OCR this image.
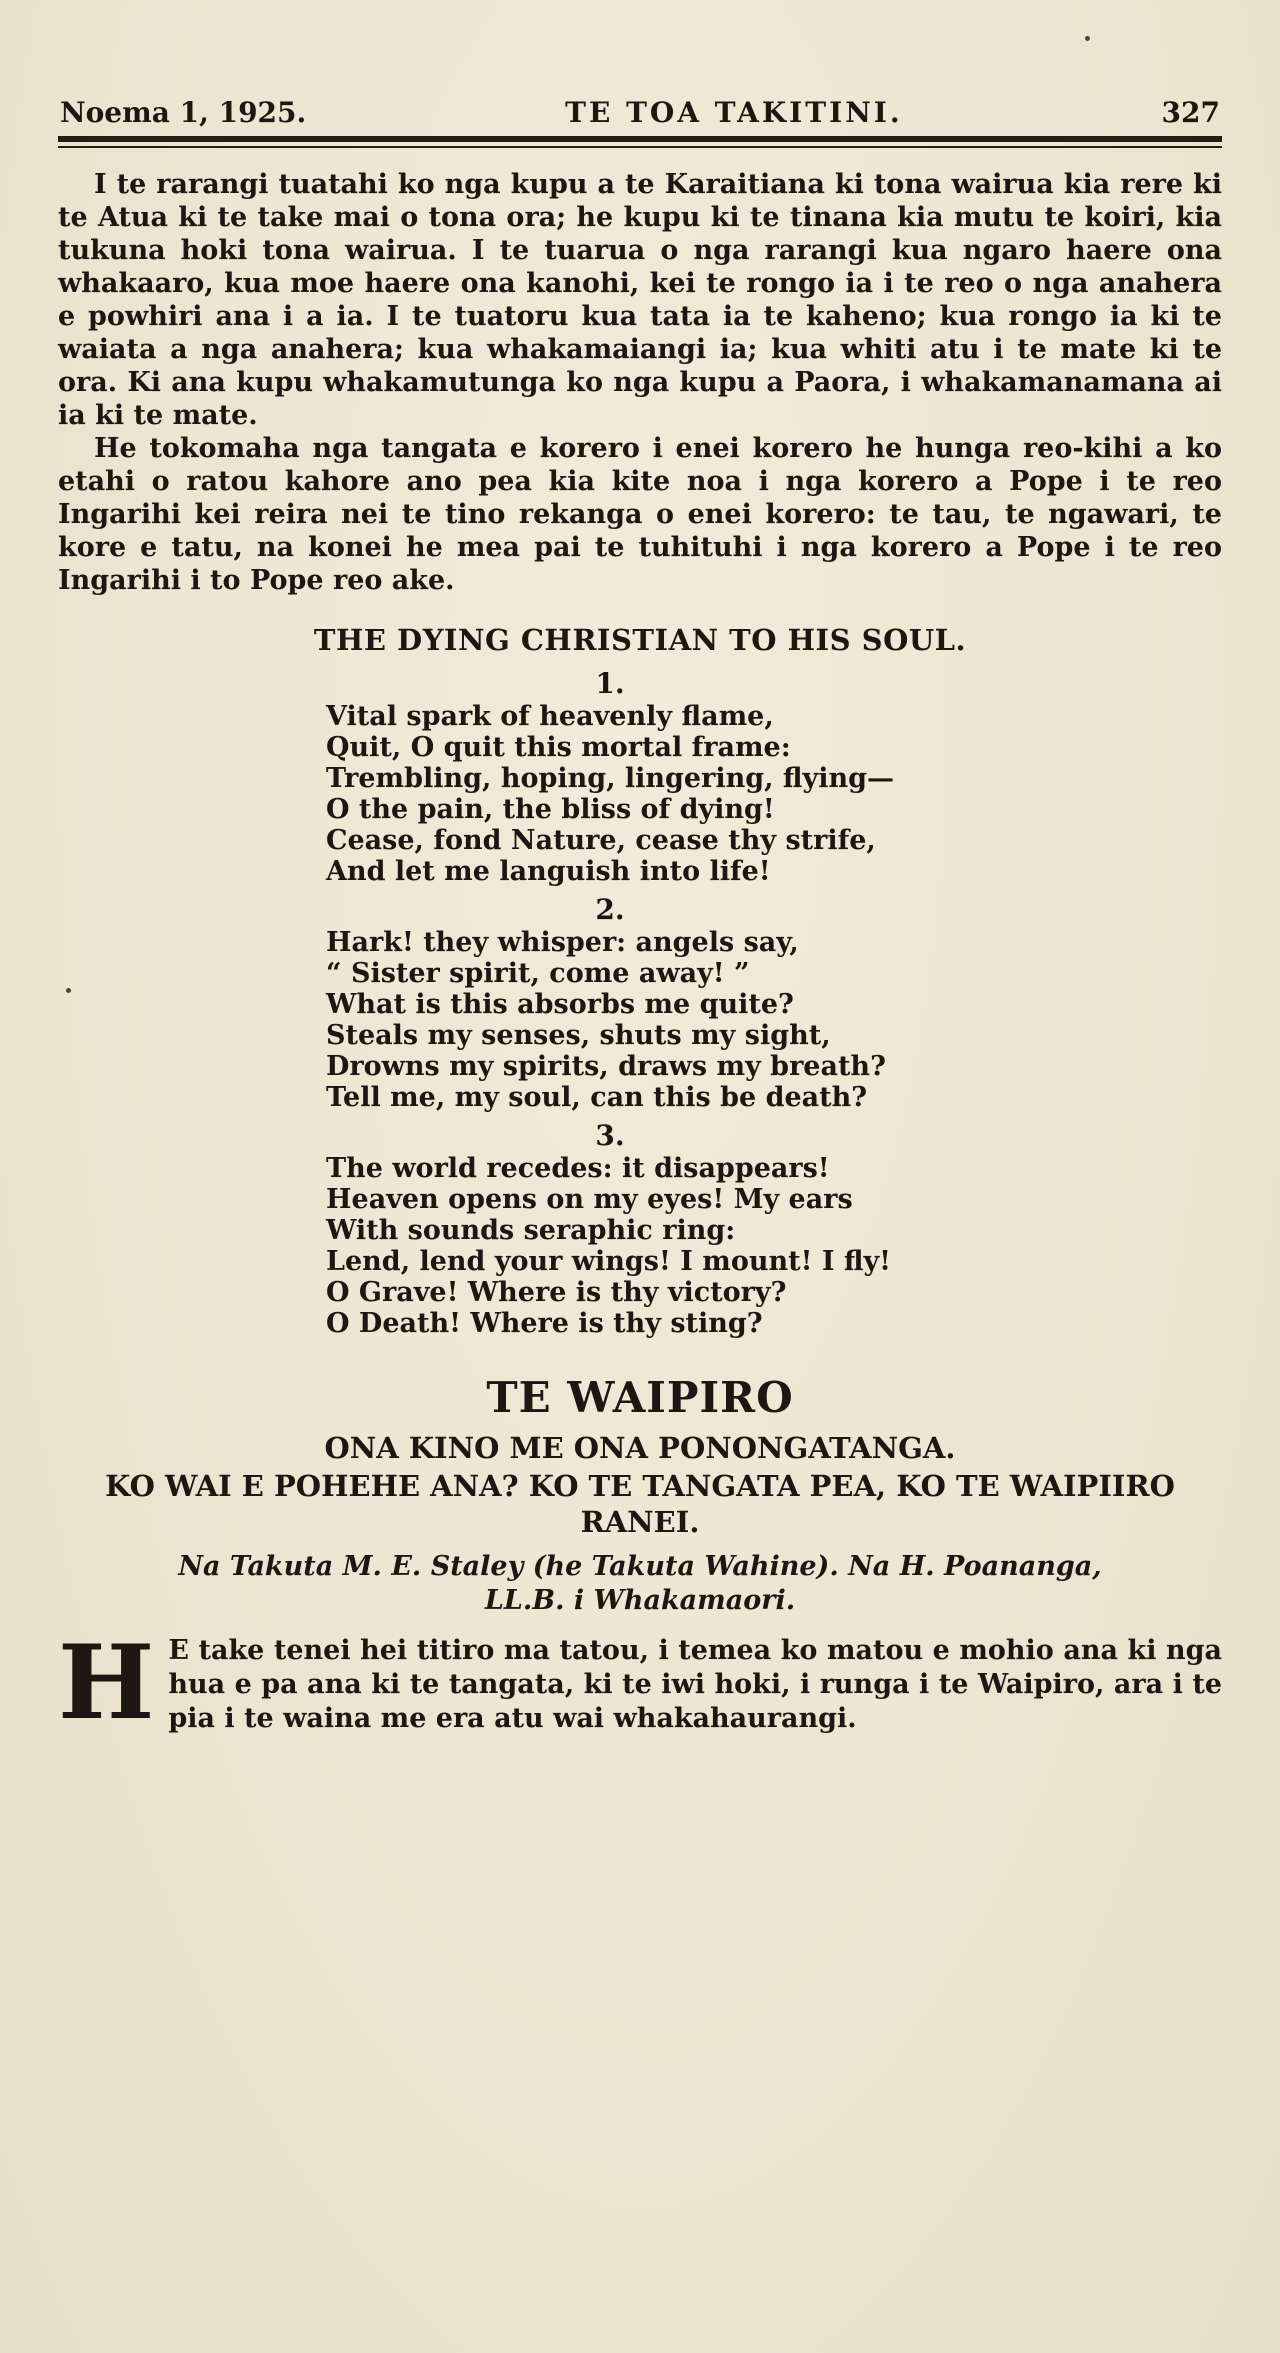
Noema 1, 1925.	TE TOA TAKITINI.	327

I te rarangi tuatahi ko nga kupu a te Karaitiana ki tona wairua kia rere ki te Atua ki te take mai o tona ora; he kupu ki te tinana kia mutu te koiri, kia tukuna hoki tona wairua. I te tuarua o nga rarangi kua ngaro haere ona whakaaro, kua moe haere ona kanohi, kei te rongo ia i te reo o nga anahera e powhiri ana i a ia. I te tuatoru kua tata ia te kaheno; kua rongo ia ki te waiata a nga anahera; kua whakamaiangi ia; kua whiti atu i te mate ki te ora. Ki ana kupu whakamutunga ko nga kupu a Paora, i whakamanamana ai ia ki te mate.

He tokomaha nga tangata e korero i enei korero he hunga reo-kihi a ko etahi o ratou kahore ano pea kia kite noa i nga korero a Pope i te reo Ingarihi kei reira nei te tino rekanga o enei korero: te tau, te ngawari, te kore e tatu, na konei he mea pai te tuhituhi i nga korero a Pope i te reo Ingarihi i to Pope reo ake.

THE DYING CHRISTIAN TO HIS SOUL.
1.
Vital spark of heavenly flame,
Quit, O quit this mortal frame:
Trembling, hoping, lingering, flying—
O the pain, the bliss of dying!
Cease, fond Nature, cease thy strife,
And let me languish into life!
2.
Hark! they whisper: angels say,
“ Sister spirit, come away! ”
What is this absorbs me quite?
Steals my senses, shuts my sight,
Drowns my spirits, draws my breath?
Tell me, my soul, can this be death?
3.
The world recedes: it disappears!
Heaven opens on my eyes! My ears
With sounds seraphic ring:
Lend, lend your wings! I mount! I fly!
O Grave! Where is thy victory?
O Death! Where is thy sting?
TE WAIPIRO
ONA KINO ME ONA PONONGATANGA.
KO WAI E POHEHE ANA? KO TE TANGATA PEA, KO TE WAIPIIRO RANEI.
Na Takuta M. E. Staley (he Takuta Wahine). Na H. Poananga, LL.B. i Whakamaori.
H E take tenei hei titiro ma tatou, i temea ko matou e mohio ana ki nga hua e pa ana ki te tangata, ki te iwi hoki, i runga i te Waipiro, ara i te pia i te waina me era atu wai whakahaurangi.
